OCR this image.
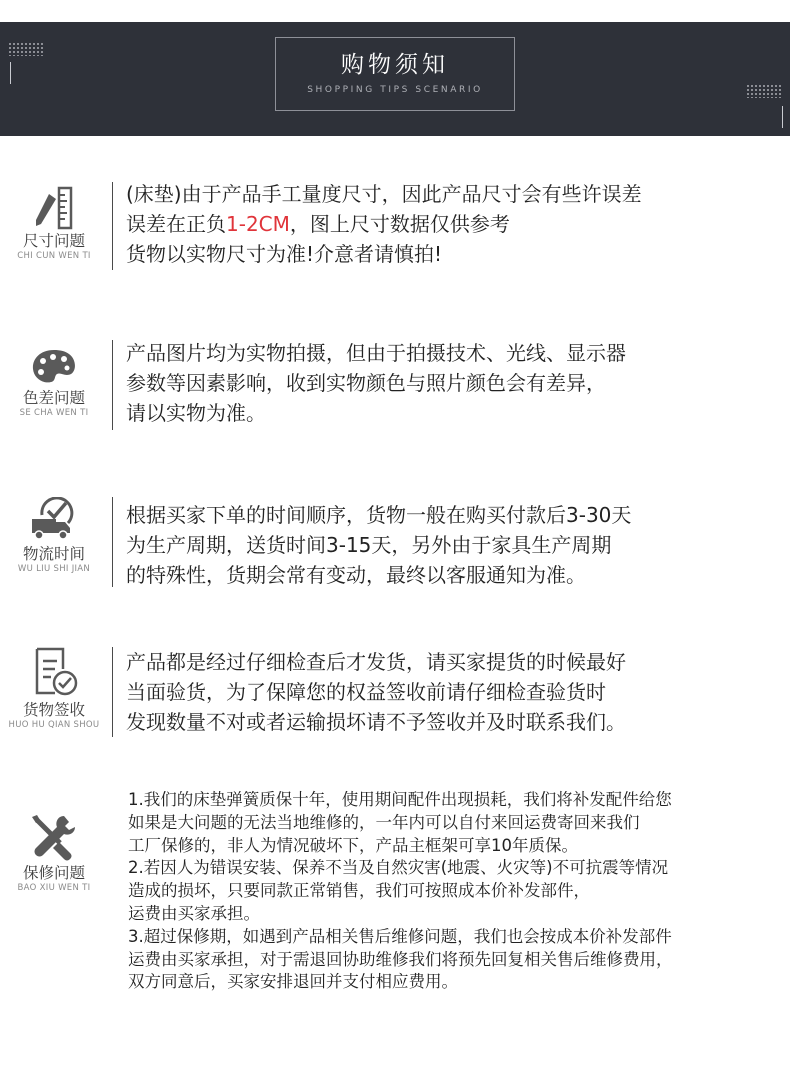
购物须知
SHOPPING TIPS SCENARIO
尺寸问题
CHI CUN WEN TI
(床垫)由于产品手工量度尺寸，因此产品尺寸会有些许误差
误差在正负1-2CM，图上尺寸数据仅供参考
货物以实物尺寸为准!介意者请慎拍!
色差问题
SE CHA WEN TI
产品图片均为实物拍摄，但由于拍摄技术、光线、显示器
参数等因素影响，收到实物颜色与照片颜色会有差异，
请以实物为准。
物流时间
WU LIU SHI JIAN
根据买家下单的时间顺序，货物一般在购买付款后3-30天
为生产周期，送货时间3-15天，另外由于家具生产周期
的特殊性，货期会常有变动，最终以客服通知为准。
货物签收
HUO HU QIAN SHOU
产品都是经过仔细检查后才发货，请买家提货的时候最好
当面验货，为了保障您的权益签收前请仔细检查验货时
发现数量不对或者运输损坏请不予签收并及时联系我们。
保修问题
BAO XIU WEN TI
1.我们的床垫弹簧质保十年，使用期间配件出现损耗，我们将补发配件给您
如果是大问题的无法当地维修的，一年内可以自付来回运费寄回来我们
工厂保修的，非人为情况破坏下，产品主框架可享10年质保。
2.若因人为错误安装、保养不当及自然灾害(地震、火灾等)不可抗震等情况
造成的损坏，只要同款正常销售，我们可按照成本价补发部件，
运费由买家承担。
3.超过保修期，如遇到产品相关售后维修问题，我们也会按成本价补发部件
运费由买家承担，对于需退回协助维修我们将预先回复相关售后维修费用，
双方同意后，买家安排退回并支付相应费用。
